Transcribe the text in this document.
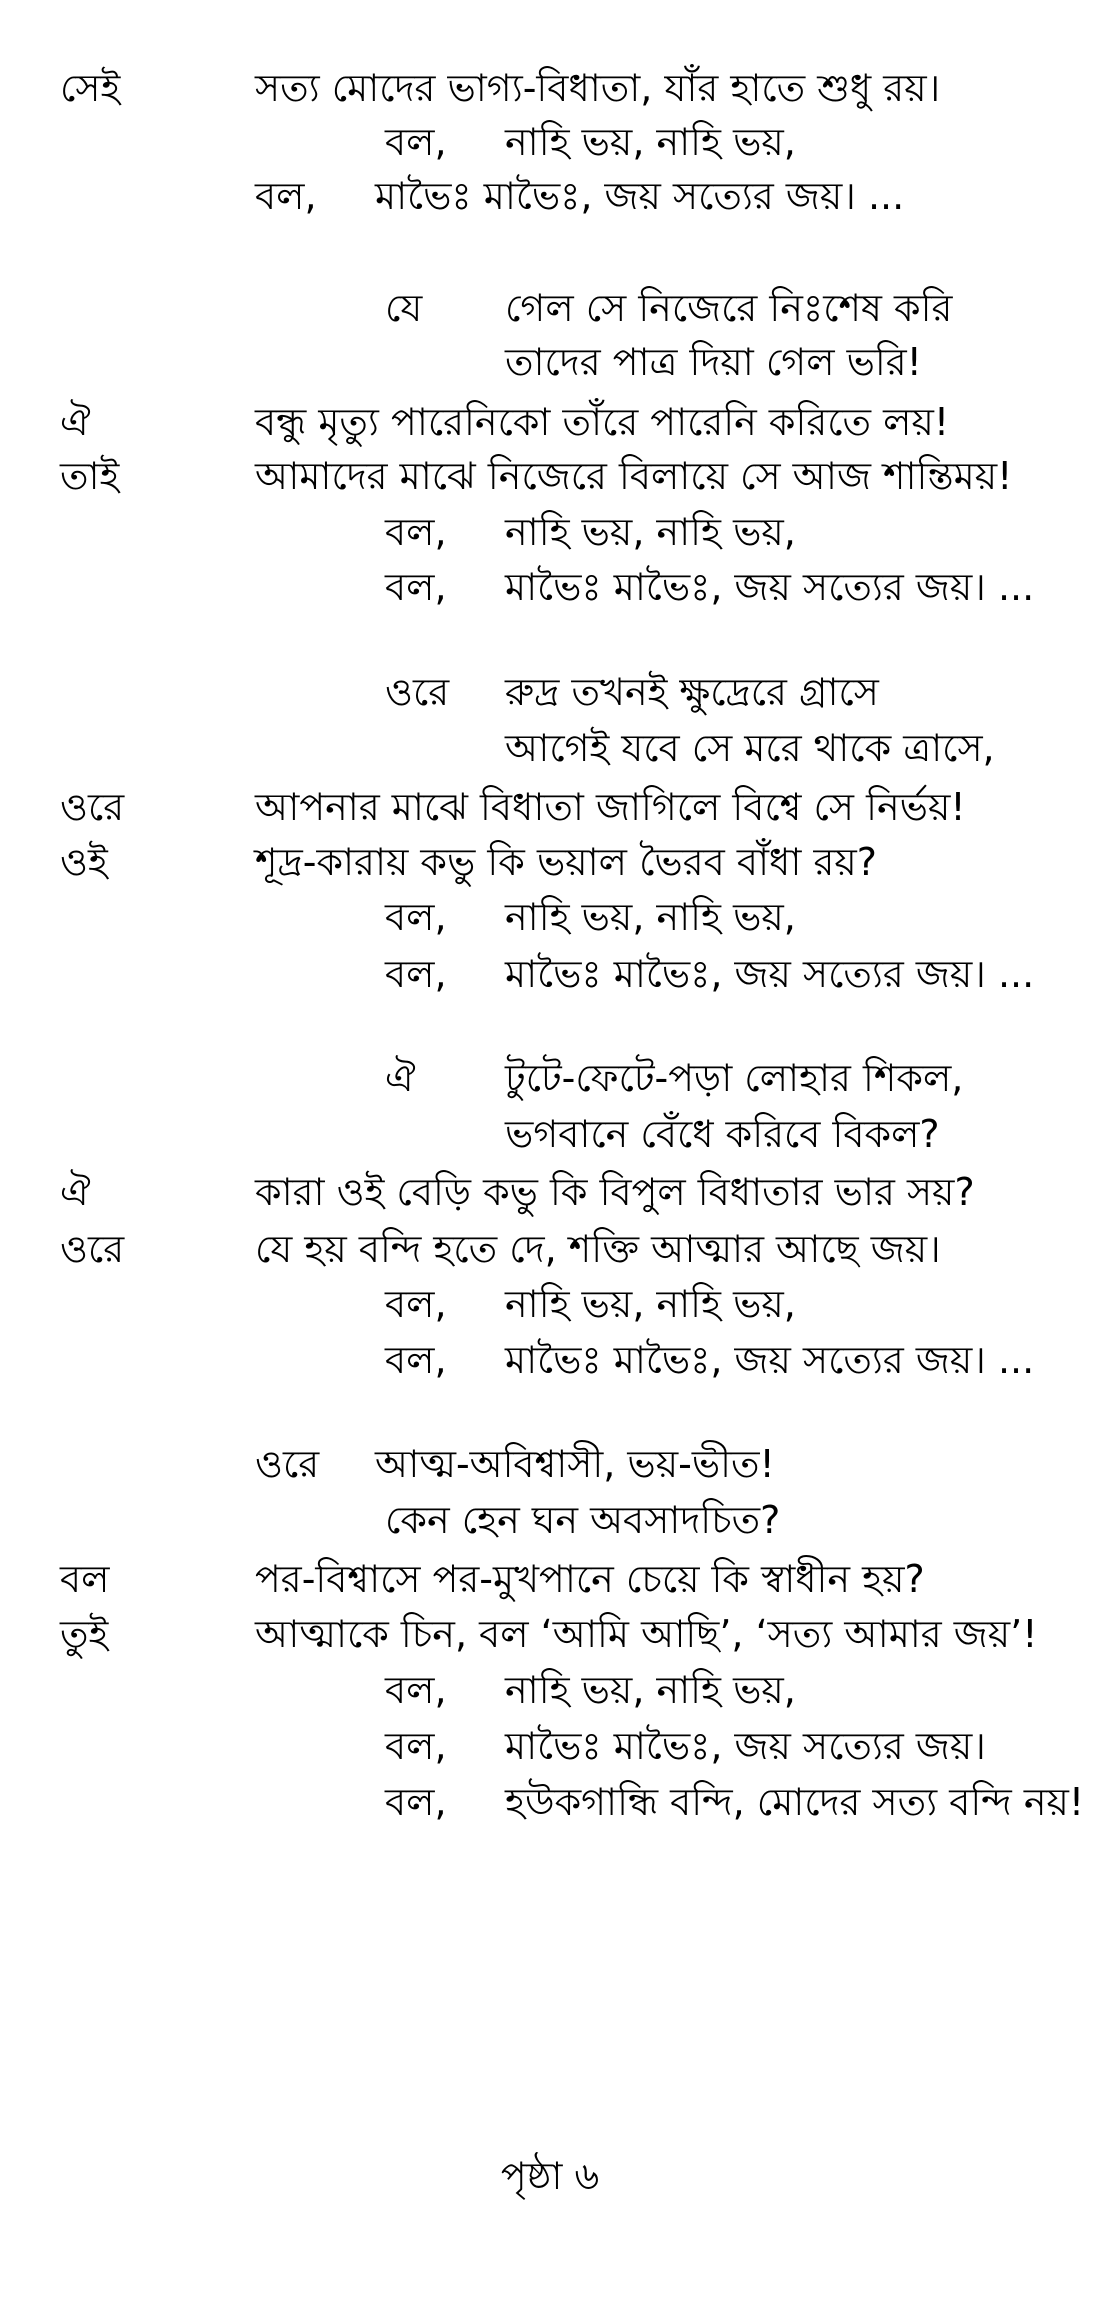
সেই	সত্য মোদের ভাগ্য-বিধাতা, যাঁর হাতে শুধু রয়।
বল, নাহি ভয়, নাহি ভয়,
বল, মাভৈঃ মাভৈঃ, জয় সত্যের জয়। ...
যে গেল সে নিজেরে নিঃশেষ করি
তাদের পাত্র দিয়া গেল ভরি!
ঐ	বন্ধু মৃত্যু পারেনিকো তাঁরে পারেনি করিতে লয়!
তাই	আমাদের মাঝে নিজেরে বিলায়ে সে আজ শান্তিময়!
বল, নাহি ভয়, নাহি ভয়,
বল, মাভৈঃ মাভৈঃ, জয় সত্যের জয়। ...
ওরে রুদ্র তখনই ক্ষুদ্রেরে গ্রাসে
আগেই যবে সে মরে থাকে ত্রাসে,
ওরে	আপনার মাঝে বিধাতা জাগিলে বিশ্বে সে নির্ভয়!
ওই	শূদ্র-কারায় কভু কি ভয়াল ভৈরব বাঁধা রয়?
বল, নাহি ভয়, নাহি ভয়,
বল, মাভৈঃ মাভৈঃ, জয় সত্যের জয়। ...
ঐ টুটে-ফেটে-পড়া লোহার শিকল,
ভগবানে বেঁধে করিবে বিকল?
ঐ	কারা ওই বেড়ি কভু কি বিপুল বিধাতার ভার সয়?
ওরে	যে হয় বন্দি হতে দে, শক্তি আত্মার আছে জয়।
বল, নাহি ভয়, নাহি ভয়,
বল, মাভৈঃ মাভৈঃ, জয় সত্যের জয়। ...
ওরে আত্ম-অবিশ্বাসী, ভয়-ভীত!
কেন হেন ঘন অবসাদচিত?
বল	পর-বিশ্বাসে পর-মুখপানে চেয়ে কি স্বাধীন হয়?
তুই	আত্মাকে চিন, বল ‘আমি আছি’, ‘সত্য আমার জয়’!
বল, নাহি ভয়, নাহি ভয়,
বল, মাভৈঃ মাভৈঃ, জয় সত্যের জয়।
বল, হউকগান্ধি বন্দি, মোদের সত্য বন্দি নয়!
পৃষ্ঠা ৬
